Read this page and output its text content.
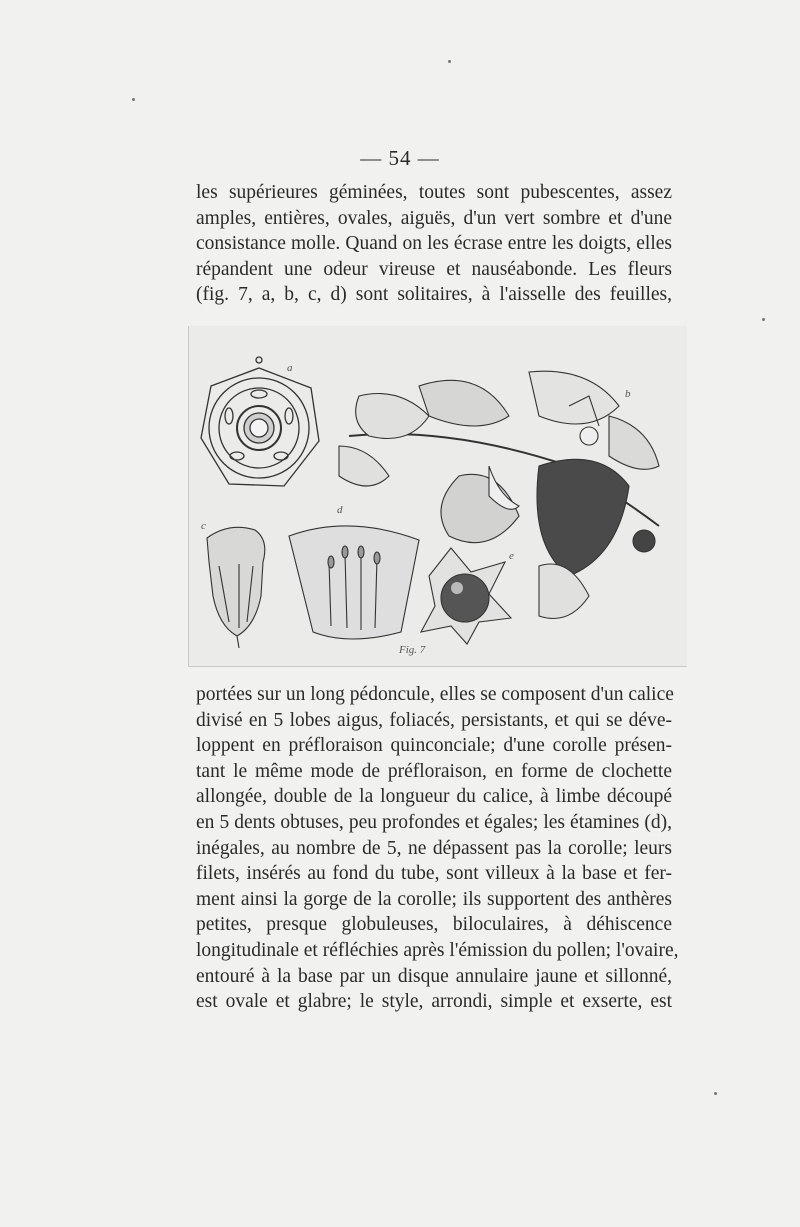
— 54 —
les supérieures géminées, toutes sont pubescentes, assez
amples, entières, ovales, aiguës, d'un vert sombre et d'une
consistance molle. Quand on les écrase entre les doigts, elles
répandent une odeur vireuse et nauséabonde. Les fleurs
(fig. 7, a, b, c, d) sont solitaires, à l'aisselle des feuilles,
a
b
c
d
e
Fig. 7
portées sur un long pédoncule, elles se composent d'un calice
divisé en 5 lobes aigus, foliacés, persistants, et qui se déve-
loppent en préfloraison quinconciale; d'une corolle présen-
tant le même mode de préfloraison, en forme de clochette
allongée, double de la longueur du calice, à limbe découpé
en 5 dents obtuses, peu profondes et égales; les étamines (d),
inégales, au nombre de 5, ne dépassent pas la corolle; leurs
filets, insérés au fond du tube, sont villeux à la base et fer-
ment ainsi la gorge de la corolle; ils supportent des anthères
petites, presque globuleuses, biloculaires, à déhiscence
longitudinale et réfléchies après l'émission du pollen; l'ovaire,
entouré à la base par un disque annulaire jaune et sillonné,
est ovale et glabre; le style, arrondi, simple et exserte, est
